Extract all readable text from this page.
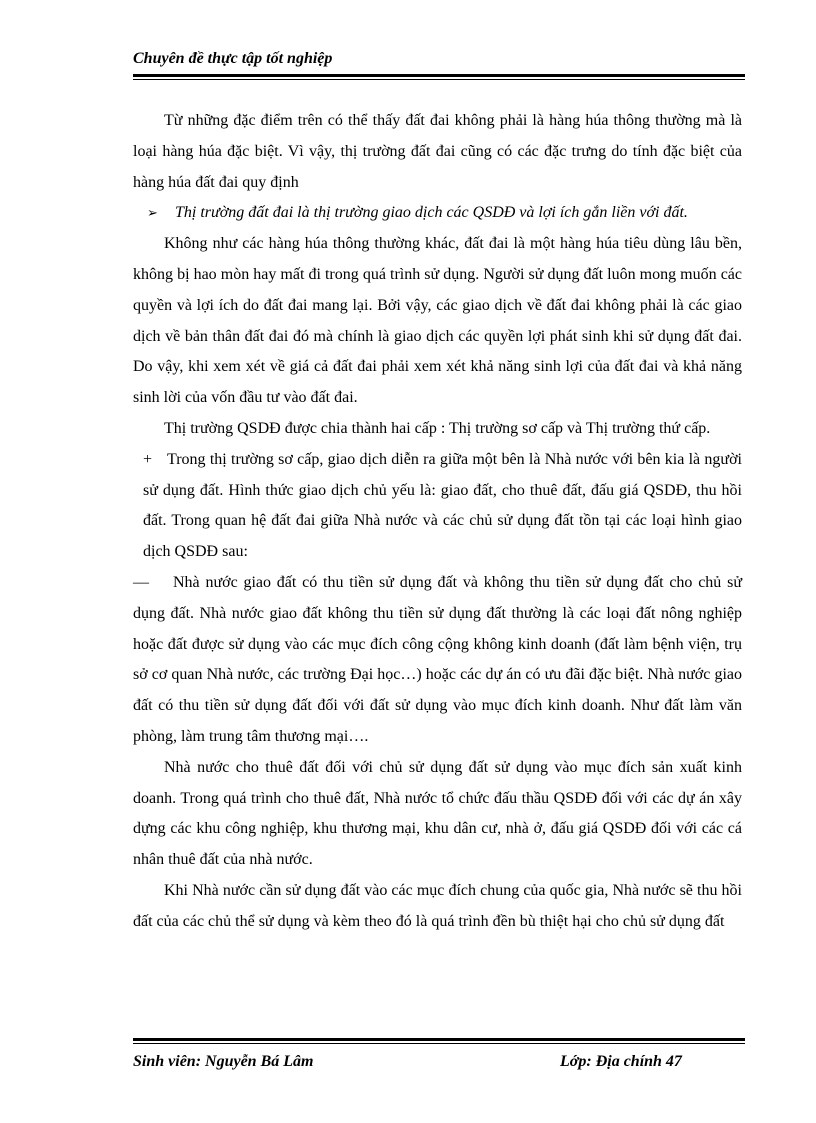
Chuyên đề thực tập tốt nghiệp

Từ những đặc điểm trên có thể thấy đất đai không phải là hàng húa thông thường mà là loại hàng húa đặc biệt. Vì vậy, thị trường đất đai cũng có các đặc trưng do tính đặc biệt của hàng húa đất đai quy định

➢ Thị trường đất đai là thị trường giao dịch các QSDĐ và lợi ích gắn liền với đất.

Không như các hàng húa thông thường khác, đất đai là một hàng húa tiêu dùng lâu bền, không bị hao mòn hay mất đi trong quá trình sử dụng. Người sử dụng đất luôn mong muốn các quyền và lợi ích do đất đai mang lại. Bởi vậy, các giao dịch về đất đai không phải là các giao dịch về bản thân đất đai đó mà chính là giao dịch các quyền lợi phát sinh khi sử dụng đất đai. Do vậy, khi xem xét về giá cả đất đai phải xem xét khả năng sinh lợi của đất đai và khả năng sinh lời của vốn đầu tư vào đất đai.

Thị trường QSDĐ được chia thành hai cấp : Thị trường sơ cấp và Thị trường thứ cấp.

+ Trong thị trường sơ cấp, giao dịch diễn ra giữa một bên là Nhà nước với bên kia là người sử dụng đất. Hình thức giao dịch chủ yếu là: giao đất, cho thuê đất, đấu giá QSDĐ, thu hồi đất. Trong quan hệ đất đai giữa Nhà nước và các chủ sử dụng đất tồn tại các loại hình giao dịch QSDĐ sau:

— Nhà nước giao đất có thu tiền sử dụng đất và không thu tiền sử dụng đất cho chủ sử dụng đất. Nhà nước giao đất không thu tiền sử dụng đất thường là các loại đất nông nghiệp hoặc đất được sử dụng vào các mục đích công cộng không kinh doanh (đất làm bệnh viện, trụ sở cơ quan Nhà nước, các trường Đại học…) hoặc các dự án có ưu đãi đặc biệt. Nhà nước giao đất có thu tiền sử dụng đất đối với đất sử dụng vào mục đích kinh doanh. Như đất làm văn phòng, làm trung tâm thương mại….

Nhà nước cho thuê đất đối với chủ sử dụng đất sử dụng vào mục đích sản xuất kinh doanh. Trong quá trình cho thuê đất, Nhà nước tổ chức đấu thầu QSDĐ đối với các dự án xây dựng các khu công nghiệp, khu thương mại, khu dân cư, nhà ở, đấu giá QSDĐ đối với các cá nhân thuê đất của nhà nước.

Khi Nhà nước cần sử dụng đất vào các mục đích chung của quốc gia, Nhà nước sẽ thu hồi đất của các chủ thể sử dụng và kèm theo đó là quá trình đền bù thiệt hại cho chủ sử dụng đất

Sinh viên: Nguyễn Bá Lâm	Lớp: Địa chính 47
